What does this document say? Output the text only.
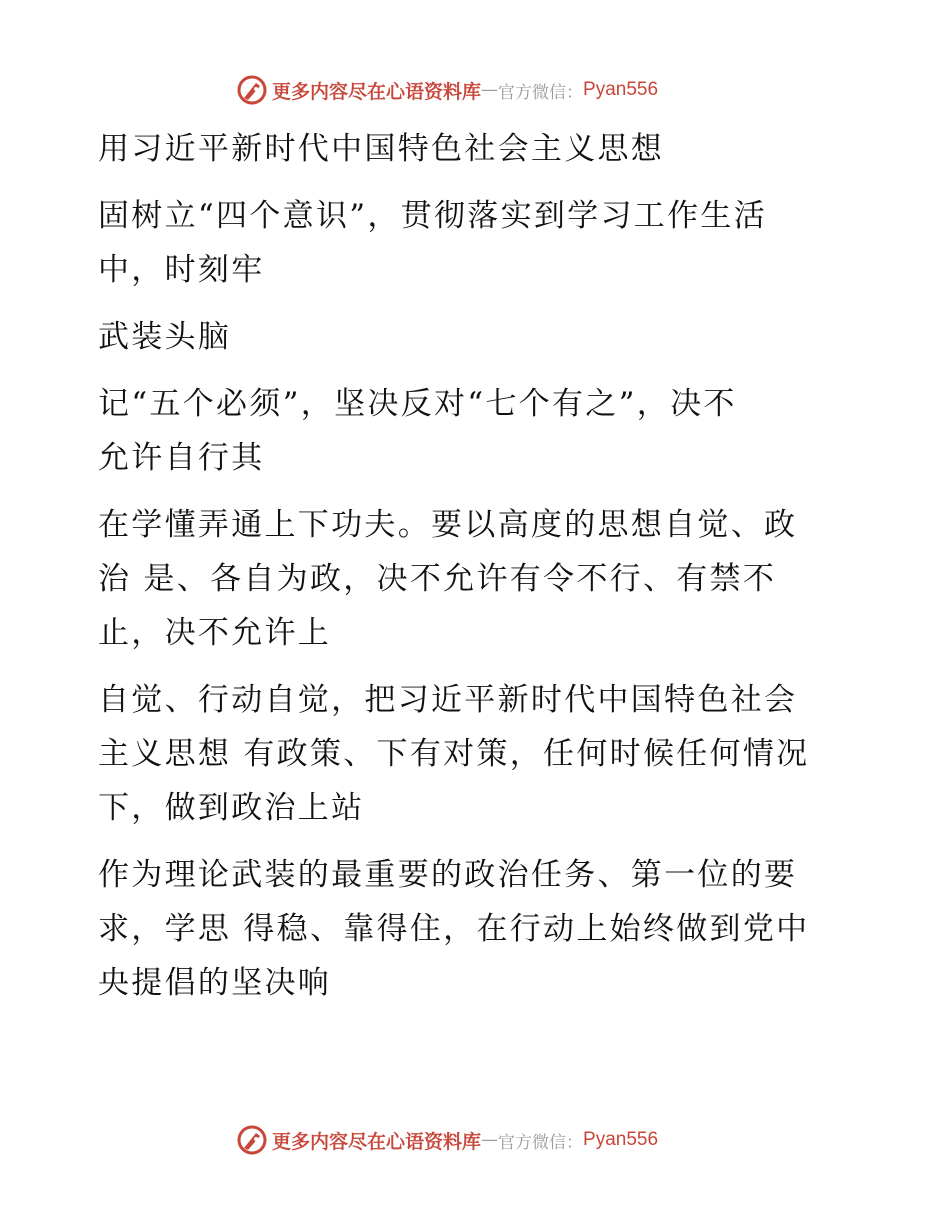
更多内容尽在心语资料库 — 官方微信： Pyan556

用习近平新时代中国特色社会主义思想

固树立“四个意识”，贯彻落实到学习工作生活
中，时刻牢

武装头脑

记“五个必须”，坚决反对“七个有之”，决不
允许自行其

在学懂弄通上下功夫。要以高度的思想自觉、政
治 是、各自为政，决不允许有令不行、有禁不
止，决不允许上

自觉、行动自觉，把习近平新时代中国特色社会
主义思想 有政策、下有对策，任何时候任何情况
下，做到政治上站

作为理论武装的最重要的政治任务、第一位的要
求，学思 得稳、靠得住，在行动上始终做到党中
央提倡的坚决响

更多内容尽在心语资料库 — 官方微信： Pyan556
